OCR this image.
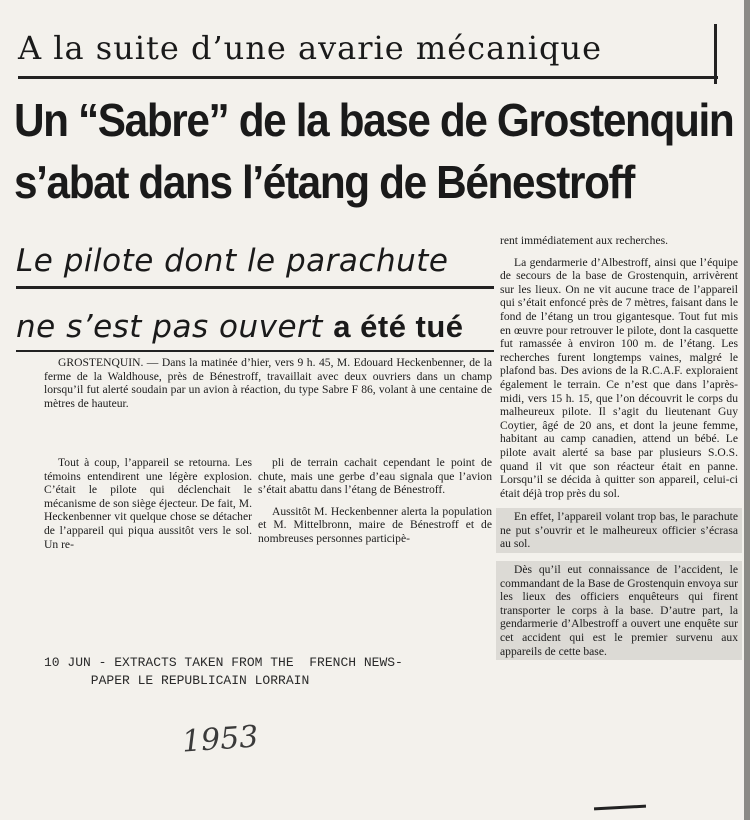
A la suite d’une avarie mécanique
Un “Sabre” de la base de Grostenquin
s’abat dans l’étang de Bénestroff
Le pilote dont le parachute
ne s’est pas ouvert a été tué

GROSTENQUIN. — Dans la matinée d’hier, vers 9 h. 45, M. Edouard Heckenbenner, de la ferme de la Waldhouse, près de Bénestroff, travaillait avec deux ouvriers dans un champ lorsqu’il fut alerté soudain par un avion à réaction, du type Sabre F 86, volant à une centaine de mètres de hauteur.

Tout à coup, l’appareil se retourna. Les témoins entendirent une légère explosion. C’était le pilote qui déclenchait le mécanisme de son siège éjecteur. De fait, M. Heckenbenner vit quelque chose se détacher de l’appareil qui piqua aussitôt vers le sol. Un re-

pli de terrain cachait cependant le point de chute, mais une gerbe d’eau signala que l’avion s’était abattu dans l’étang de Bénestroff.

Aussitôt M. Heckenbenner alerta la population et M. Mittelbronn, maire de Bénestroff et de nombreuses personnes participè-

rent immédiatement aux recherches.

La gendarmerie d’Albestroff, ainsi que l’équipe de secours de la base de Grostenquin, arrivèrent sur les lieux. On ne vit aucune trace de l’appareil qui s’était enfoncé près de 7 mètres, faisant dans le fond de l’étang un trou gigantesque. Tout fut mis en œuvre pour retrouver le pilote, dont la casquette fut ramassée à environ 100 m. de l’étang. Les recherches furent longtemps vaines, malgré le plafond bas. Des avions de la R.C.A.F. exploraient également le terrain. Ce n’est que dans l’après-midi, vers 15 h. 15, que l’on découvrit le corps du malheureux pilote. Il s’agit du lieutenant Guy Coytier, âgé de 20 ans, et dont la jeune femme, habitant au camp canadien, attend un bébé. Le pilote avait alerté sa base par plusieurs S.O.S. quand il vit que son réacteur était en panne. Lorsqu’il se décida à quitter son appareil, celui-ci était déjà trop près du sol.

En effet, l’appareil volant trop bas, le parachute ne put s’ouvrir et le malheureux officier s’écrasa au sol.

Dès qu’il eut connaissance de l’accident, le commandant de la Base de Grostenquin envoya sur les lieux des officiers enquêteurs qui firent transporter le corps à la base. D’autre part, la gendarmerie d’Albestroff a ouvert une enquête sur cet accident qui est le premier survenu aux appareils de cette base.

10 JUN - EXTRACTS TAKEN FROM THE  FRENCH NEWS-
PAPER LE REPUBLICAIN LORRAIN
1953
